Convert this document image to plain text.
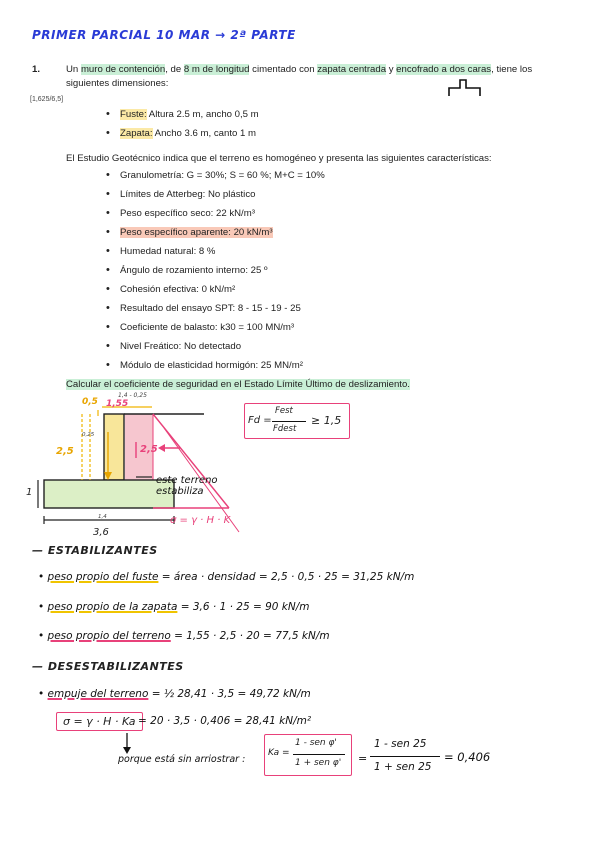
PRIMER PARCIAL 10 MAR → 2ª PARTE
1.	Un muro de contención, de 8 m de longitud cimentado con zapata centrada y encofrado a dos caras, tiene los
siguientes dimensiones:
[1,625/6,5]
• Fuste: Altura 2.5 m, ancho 0,5 m
• Zapata: Ancho 3.6 m, canto 1 m
El Estudio Geotécnico indica que el terreno es homogéneo y presenta las siguientes características:
• Granulometría: G = 30%; S = 60 %; M+C = 10%
• Límites de Atterbeg: No plástico
• Peso específico seco: 22 kN/m³
• Peso específico aparente: 20 kN/m³
• Humedad natural: 8 %
• Ángulo de rozamiento interno: 25 º
• Cohesión efectiva: 0 kN/m²
• Resultado del ensayo SPT: 8 - 15 - 19 - 25
• Coeficiente de balasto: k30 = 100 MN/m³
• Nivel Freático: No detectado
• Módulo de elasticidad hormigón: 25 MN/m²
Calcular el coeficiente de seguridad en el Estado Límite Último de deslizamiento.
0,5 1,55
1,4 - 0,25
0,25
2,5	2,5
1
1,4
3,6
este terreno
estabiliza
σ = γ · H · K
Fd =
Fest
Fdest
≥ 1,5
— ESTABILIZANTES
• peso propio del fuste = área · densidad = 2,5 · 0,5 · 25 = 31,25 kN/m
• peso propio de la zapata = 3,6 · 1 · 25 = 90 kN/m
• peso propio del terreno = 1,55 · 2,5 · 20 = 77,5 kN/m
— DESESTABILIZANTES
• empuje del terreno = ½ 28,41 · 3,5 = 49,72 kN/m
σ = γ · H · Ka = 20 · 3,5 · 0,406 = 28,41 kN/m²
porque está sin arriostrar :
Ka =
1 - sen φ'
1 + sen φ' =
1 - sen 25
1 + sen 25
= 0,406
